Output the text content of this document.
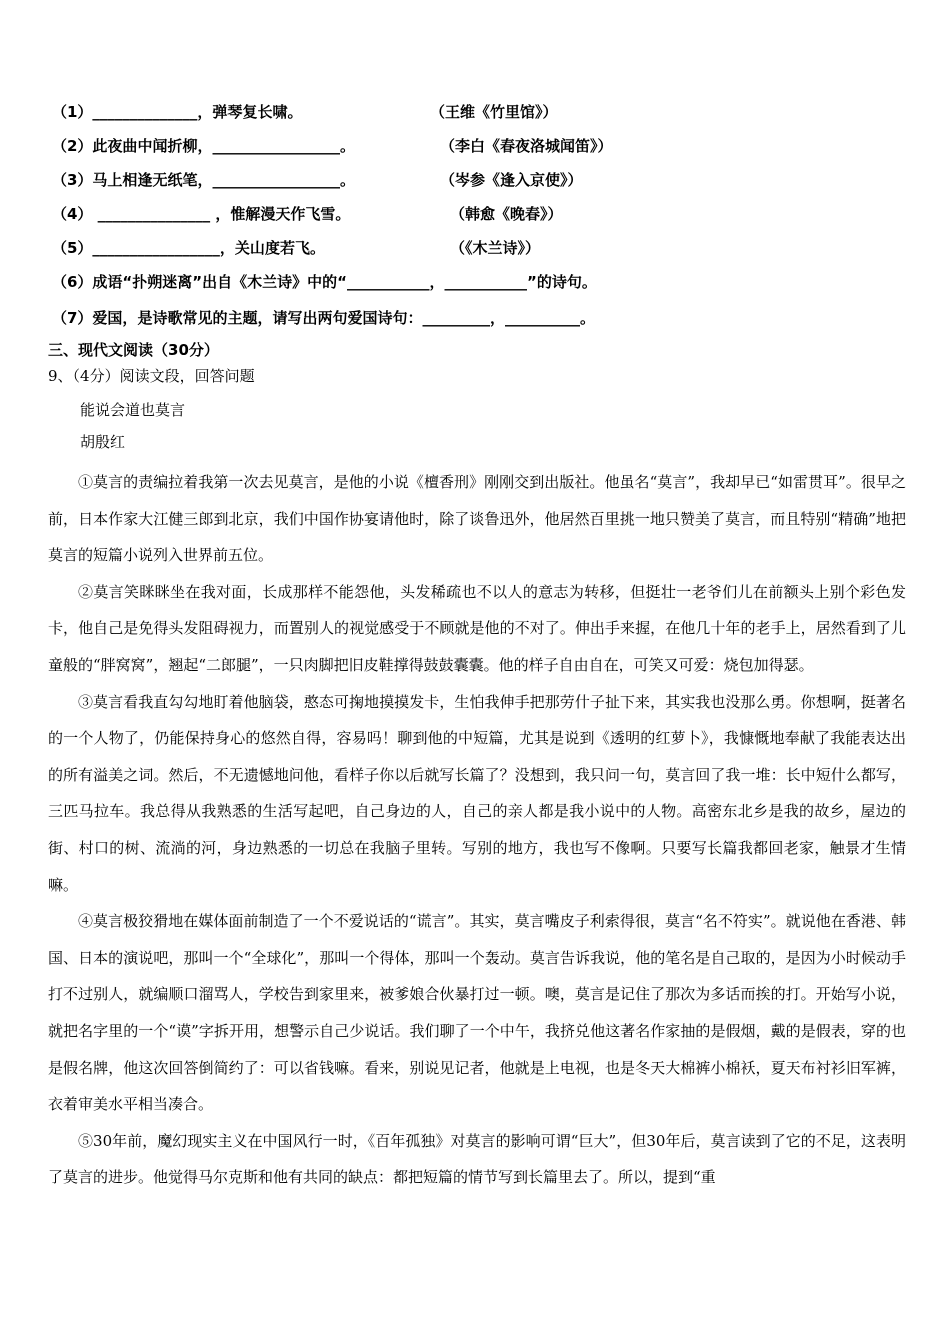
（1）______________，弹琴复长啸。	（王维《竹里馆》）
（2）此夜曲中闻折柳，_________________。	（李白《春夜洛城闻笛》）
（3）马上相逢无纸笔，_________________。	（岑参《逢入京使》）
（4） _______________ ，惟解漫天作飞雪。	（韩愈《晚春》）
（5）_________________，关山度若飞。	（《木兰诗》）
（6）成语“扑朔迷离”出自《木兰诗》中的“___________，___________”的诗句。
（7）爱国，是诗歌常见的主题，请写出两句爱国诗句：_________，__________。
三、现代文阅读（30分）
9、（4分）阅读文段，回答问题
能说会道也莫言
胡殷红

①莫言的责编拉着我第一次去见莫言，是他的小说《檀香刑》刚刚交到出版社。他虽名“莫言”，我却早已“如雷贯耳”。很早之前，日本作家大江健三郎到北京，我们中国作协宴请他时，除了谈鲁迅外，他居然百里挑一地只赞美了莫言，而且特别“精确”地把莫言的短篇小说列入世界前五位。

②莫言笑眯眯坐在我对面，长成那样不能怨他，头发稀疏也不以人的意志为转移，但挺壮一老爷们儿在前额头上别个彩色发卡，他自己是免得头发阻碍视力，而置别人的视觉感受于不顾就是他的不对了。伸出手来握，在他几十年的老手上，居然看到了儿童般的“胖窝窝”，翘起“二郎腿”，一只肉脚把旧皮鞋撑得鼓鼓囊囊。他的样子自由自在，可笑又可爱：烧包加得瑟。

③莫言看我直勾勾地盯着他脑袋，憨态可掬地摸摸发卡，生怕我伸手把那劳什子扯下来，其实我也没那么勇。你想啊，挺著名的一个人物了，仍能保持身心的悠然自得，容易吗！聊到他的中短篇，尤其是说到《透明的红萝卜》，我慷慨地奉献了我能表达出的所有溢美之词。然后，不无遗憾地问他，看样子你以后就写长篇了？没想到，我只问一句，莫言回了我一堆：长中短什么都写，三匹马拉车。我总得从我熟悉的生活写起吧，自己身边的人，自己的亲人都是我小说中的人物。高密东北乡是我的故乡，屋边的街、村口的树、流淌的河，身边熟悉的一切总在我脑子里转。写别的地方，我也写不像啊。只要写长篇我都回老家，触景才生情嘛。

④莫言极狡猾地在媒体面前制造了一个不爱说话的“谎言”。其实，莫言嘴皮子利索得很，莫言“名不符实”。就说他在香港、韩国、日本的演说吧，那叫一个“全球化”，那叫一个得体，那叫一个轰动。莫言告诉我说，他的笔名是自己取的，是因为小时候动手打不过别人，就编顺口溜骂人，学校告到家里来，被爹娘合伙暴打过一顿。噢，莫言是记住了那次为多话而挨的打。开始写小说，就把名字里的一个“谟”字拆开用，想警示自己少说话。我们聊了一个中午，我挤兑他这著名作家抽的是假烟，戴的是假表，穿的也是假名牌，他这次回答倒简约了：可以省钱嘛。看来，别说见记者，他就是上电视，也是冬天大棉裤小棉袄，夏天布衬衫旧军裤，衣着审美水平相当凑合。

⑤30年前，魔幻现实主义在中国风行一时，《百年孤独》对莫言的影响可谓“巨大”，但30年后，莫言读到了它的不足，这表明了莫言的进步。他觉得马尔克斯和他有共同的缺点：都把短篇的情节写到长篇里去了。所以，提到“重
